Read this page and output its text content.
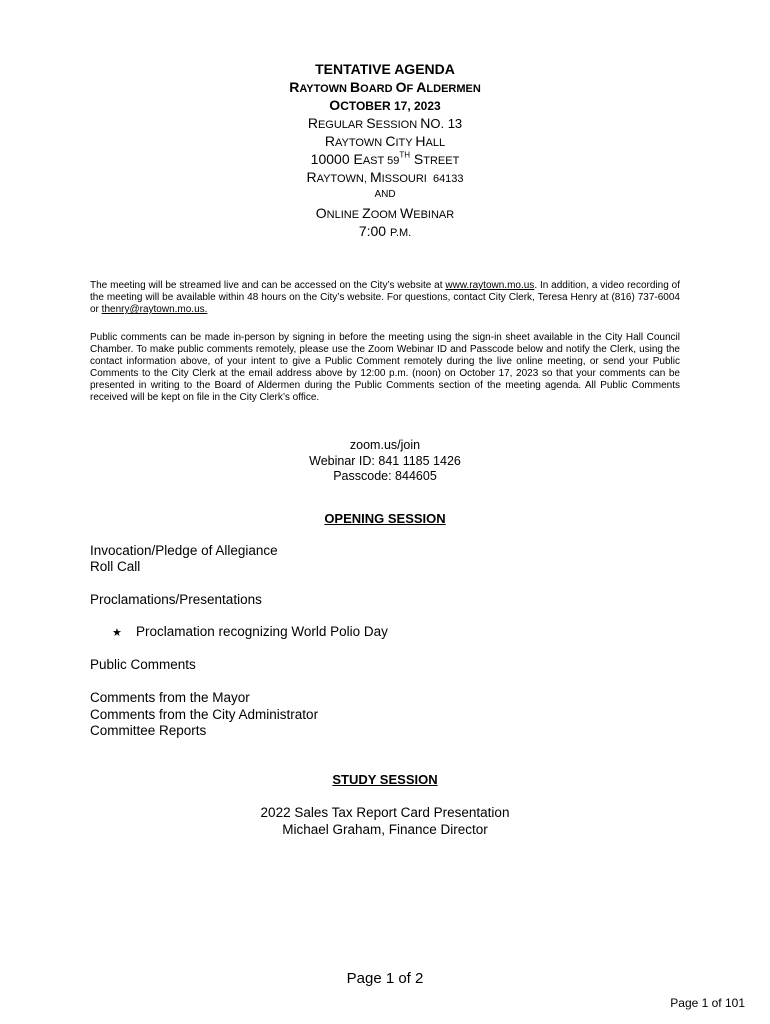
TENTATIVE AGENDA
RAYTOWN BOARD OF ALDERMEN
OCTOBER 17, 2023
REGULAR SESSION NO. 13
RAYTOWN CITY HALL
10000 EAST 59TH STREET
RAYTOWN, MISSOURI  64133
AND
ONLINE ZOOM WEBINAR
7:00 P.M.
The meeting will be streamed live and can be accessed on the City’s website at www.raytown.mo.us. In addition, a video recording of the meeting will be available within 48 hours on the City’s website. For questions, contact City Clerk, Teresa Henry at (816) 737-6004 or thenry@raytown.mo.us.
Public comments can be made in-person by signing in before the meeting using the sign-in sheet available in the City Hall Council Chamber. To make public comments remotely, please use the Zoom Webinar ID and Passcode below and notify the Clerk, using the contact information above, of your intent to give a Public Comment remotely during the live online meeting, or send your Public Comments to the City Clerk at the email address above by 12:00 p.m. (noon) on October 17, 2023 so that your comments can be presented in writing to the Board of Aldermen during the Public Comments section of the meeting agenda. All Public Comments received will be kept on file in the City Clerk’s office.
zoom.us/join
Webinar ID: 841 1185 1426
Passcode: 844605
OPENING SESSION
Invocation/Pledge of Allegiance
Roll Call
Proclamations/Presentations
★ Proclamation recognizing World Polio Day
Public Comments
Comments from the Mayor
Comments from the City Administrator
Committee Reports
STUDY SESSION
2022 Sales Tax Report Card Presentation
Michael Graham, Finance Director
Page 1 of 2
Page 1 of 101
